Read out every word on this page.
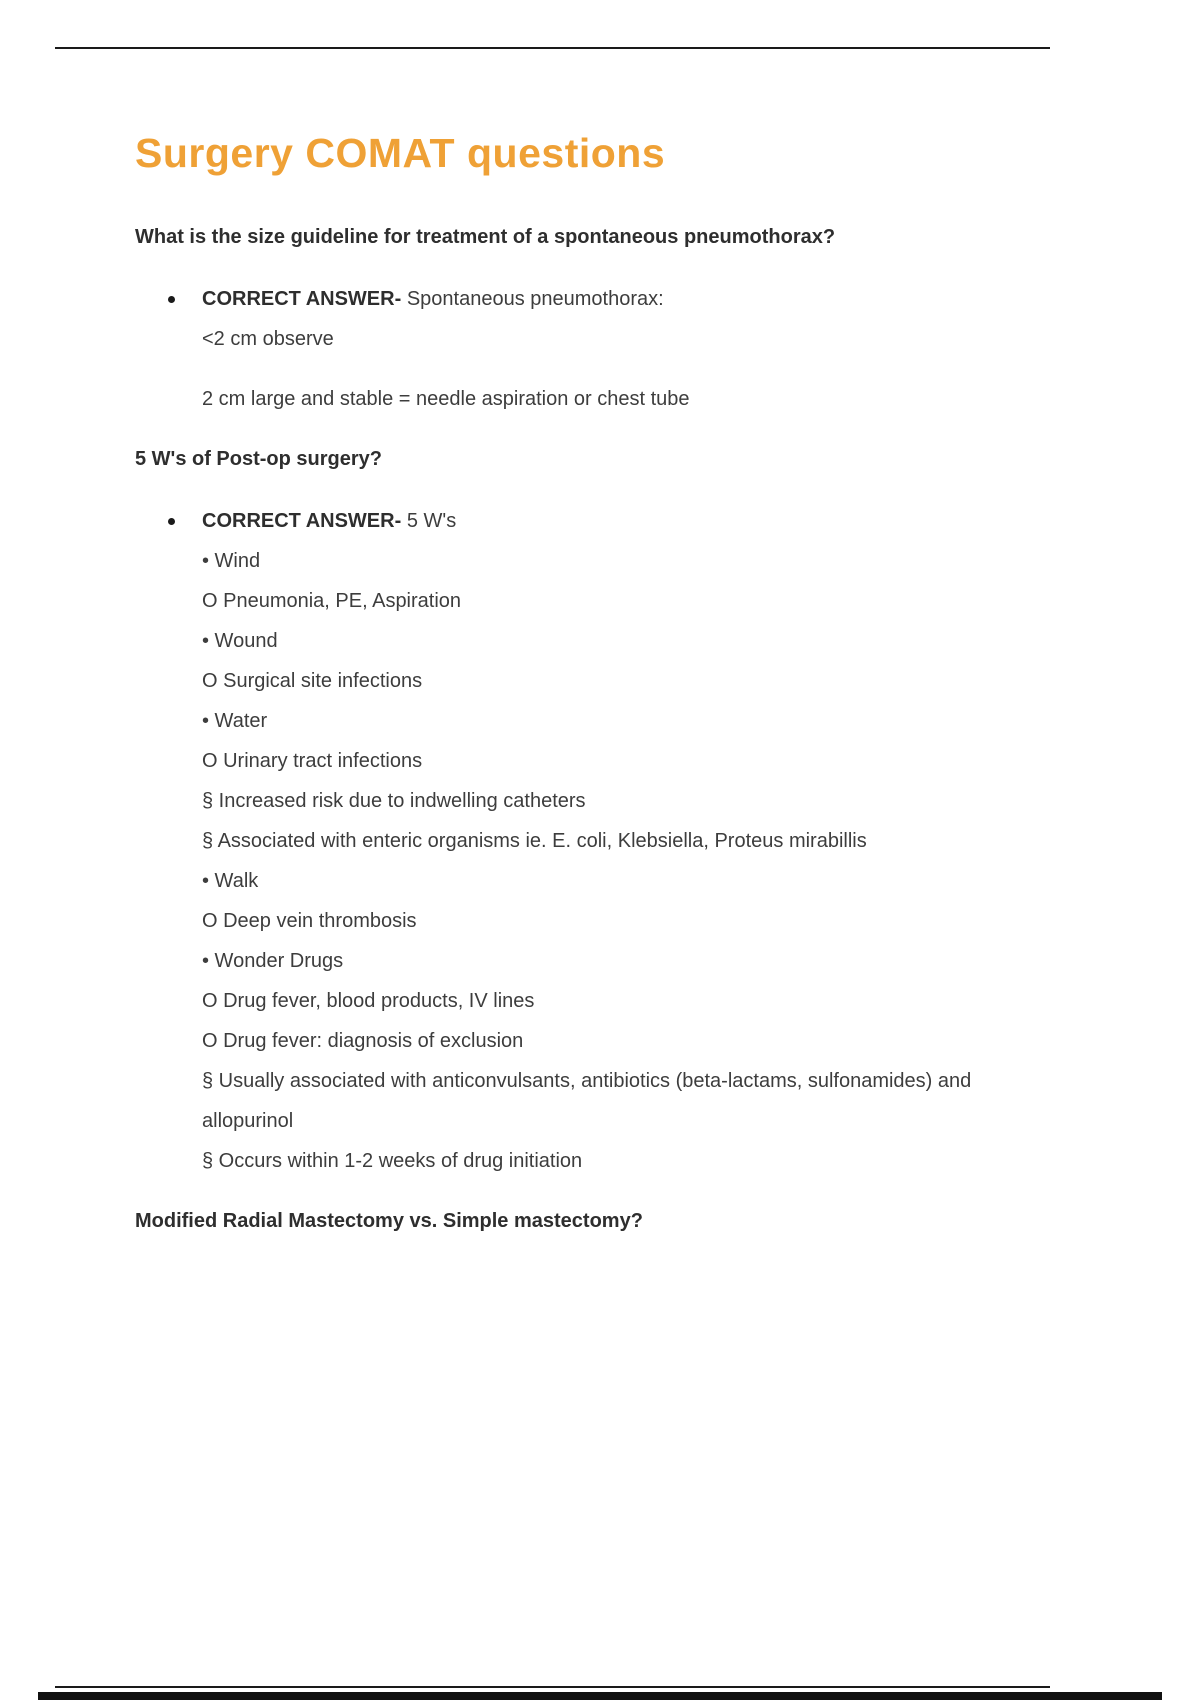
Surgery COMAT questions
What is the size guideline for treatment of a spontaneous pneumothorax?
CORRECT ANSWER- Spontaneous pneumothorax:
<2 cm observe
2 cm large and stable = needle aspiration or chest tube
5 W's of Post-op surgery?
CORRECT ANSWER- 5 W's
• Wind
O Pneumonia, PE, Aspiration
• Wound
O Surgical site infections
• Water
O Urinary tract infections
§ Increased risk due to indwelling catheters
§ Associated with enteric organisms ie. E. coli, Klebsiella, Proteus mirabillis
• Walk
O Deep vein thrombosis
• Wonder Drugs
O Drug fever, blood products, IV lines
O Drug fever: diagnosis of exclusion
§ Usually associated with anticonvulsants, antibiotics (beta-lactams, sulfonamides) and allopurinol
§ Occurs within 1-2 weeks of drug initiation
Modified Radial Mastectomy vs. Simple mastectomy?
